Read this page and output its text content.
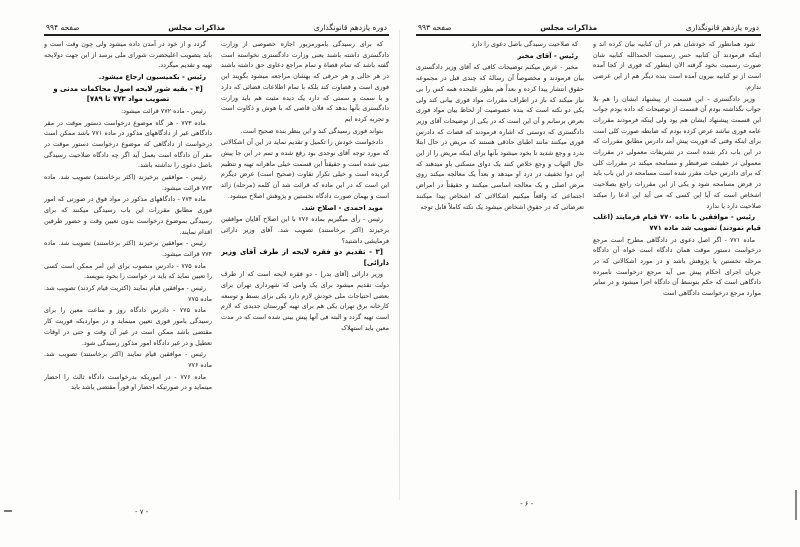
دوره یازدهم قانونگذاری
مذاکرات مجلس
صفحه ۹۹۴

که برای رسیدگی بامورمزبور اجازه خصوصی از وزارت دادگستری داشته باشند یعنی وزارت دادگستری نخواسته است گفته باشد که تمام قضاة و تمام مراجع دعاوی حق داشته باشند در هر حالی و هر حرفی که بهشان مراجعه میشود بگویند این فوری است و قضاوت کند بلکه با تمام اطلاعات قضائی که دارد و با سمت و سمتی که دارد یک دیده مثبت هم باید وزارت دادگستری بآنها بدهد که فلان قاضی که با هوش و ذکاوت است و تجربه کرده ایم

بتواند فوری رسیدگی کند و این بنظر بنده صحیح است.

دادخواست خودش را تکمیل و تقدیم نماید در این آن اشکالاتی که مورد توجه آقای نوحدی بود رفع شده و تمم در این جا پیش بینی شده است و حقیقتاً این قسمت خیلی ماهرانه تهیه و تنظیم گردیده است و خیلی تکرار تقاوت (صحیح است) عرض دیگرم این است که در این ماده که قرائت شد آن کلمه (مرحله) زائد است و بهمان صورت دادگاه نخستین و پژوهش اصلاح میشود.

موید احمدی - اصلاح شد.

رئیس - رأی میگیریم بماده ۷۷۶ با این اصلاح آقایان موافقین برخیزند (اکثر برخاستند) تصویب شد. آقای وزیر دارائی فرمایشی داشتید؟

[۳ - تقدیم دو فقره لایحه از طرف آقای وزیر دارائی]

وزیر دارائی [آقای بدر] - دو فقره لایحه است که از طرف دولت تقدیم میشود برای یک وامی که شهرداری تهران برای بعضی احتیاجات ملی خودش لازم دارد یکی برای بسط و توسعه کارخانه برق تهران یکی هم برای تهیه گورستان جدیدی که لازم است تهیه گردد و البته فی آنها پیش بینی شده است که در مدت معین باید استهلاک

گردد و از خود در آمدن داده میشود ولی چون وقت است و باید بتصویب اعلیحضرت شورای ملی برسد از این جهت دولایحه تهیه و تقدیم میگردد.

رئیس - بکمیسیون ارجاع میشود.

[۴ - بقیه شور لایحه اصول محاکمات مدنی و تصویب مواد ۷۷۳ تا ۷۸۹]

رئیس - ماده ۷۷۲ قرائت میشود:

ماده ۷۷۳ - هر گاه موضوع درخواست دستور موقت در مقر دادگاهی غیر از دادگاههای مذکور در ماده ۷۷۱ باشد ممکن است درخواست از دادگاهی که موضوع درخواست دستور موقت در مقر آن دادگاه است بعمل آید اگر چه دادگاه صلاحیت رسیدگی باصل دعوی را نداشته باشد.

رئیس - موافقین برخیزند (اکثر برخاستند) تصویب شد. ماده ۷۷۳ قرائت میشود.

ماده ۷۷۴ - دادگاههای مذکور در مواد فوق در صورتی که امور فوری مطابق مقررات این باب رسیدگی میکنند که برای رسیدگی بموضوع درخواست بدون تعیین وقت و حضور طرفین اقدام نمایند.

رئیس - موافقین برخیزند (اکثر برخاستند) تصویب شد. ماده ۷۷۴ قرائت میشود.

ماده ۷۷۵ - دادرس منصوب برای این امر ممکن است کسی را تعیین نماید که باید در خواست را بخود بنویسد.

رئیس - موافقین قیام نمایند (اکثریت قیام کردند) تصویب شد. ماده ۷۷۵

ماده ۷۷۵ - دادرس دادگاه روز و ساعت معین را برای رسیدگی بامور فوری تعیین مینماید و در مواردیکه فوریت کار مقتضی باشد ممکن است در غیر آن وقت و حتی در اوقات تعطیل و در غیر دادگاه امور مذکور رسیدگی شود.

رئیس - موافقین قیام نمایند (اکثر برخاستند) تصویب شد. ماده ۷۷۶

ماده ۷۷۶ - در اموریکه بدرخواست دادگاه ثالث را احضار مینماید و در صورتیکه احضار او فوراً مقتضی باشد باید

دوره یازدهم قانونگذاری
مذاکرات مجلس
صفحه ۹۹۳

شود همانطور که خودشان هم در آن کنابیه بیان کرده اند و اینکه فرمودند آن کنابیه حس رسمیت الحمدالله کنابیه شان صورت رسمیت بخود گرفته الان اینطور که فوری از کجا آمده است از تو کنابیه بیرون آمده است بنده دیگر هم از این عرضی ندارم.

وزیر دادگستری - این قسمت از پیشنهاد ایشان را هم بلا جواب نگذاشته بودم آن قسمت از توضیحات که داده بودم جواب این قسمت پیشنهاد ایشان هم بود ولی اینکه فرمودند مقررات عامه فوری نباشد عرض کرده بودم که ضابطه صورت کلی است برای اینکه وقتی که فوریت پیش آمد دادرس مطابق مقررات که در این باب ذکر شده است در تشریفات معمولی در مقررات معمولی در حقیقت صرفنظر و مسامحه میکند در مقررات کلی که برای دادرس حیات مقرر شده است مسامحه در این باب باید در فرض مسامحه شود و یکی از این مقررات راجع بصلاحیت اشخاص است که آیا این کسی که می آید این ادعا را میکند صلاحیت دارد یا ندارد

رئیس - موافقین با ماده ۷۷۰ قیام فرمایند (اغلب قیام نمودند) تصویب شد ماده ۷۷۱

ماده ۷۷۱ - اگر اصل دعوی در دادگاهی مطرح است مرجع درخواست دستور موقت همان دادگاه است خواه آن دادگاه مرحله نخستین یا پژوهش باشد و در مورد اشکالاتی که در جریان اجرای احکام پیش می آید مرجع درخواست نامبرده دادگاهی است که حکم بتوسط آن دادگاه اجرا میشود و در سایر موارد مرجع درخواست دادگاهی است

که صلاحیت رسیدگی باصل دعوی را دارد

رئیس - آقای مخبر

مخبر - عرض میکنم توضیحات کافی که آقای وزیر دادگستری بیان فرمودند و مخصوصاً آن رسالهٔ که چندی قبل در مجموعه حقوق انتشار پیدا کرده و بعداً هم بطور علیحده همه کس را بی نیاز میکند که باز در اطراف مقررات مواد فوری بیانی کند ولی یکی دو نکته است که بنده خصوصیت از لحاظ بیان مواد فوری بعرض برسانم و آن این است که در یکی از توضیحات آقای وزیر دادگستری که دوستی که اشاره فرمودند که قضات که دادرس فوری میکنند مانند اطبای حاذقی هستند که مریض در حال ابتلا بدرد و وجع شدید نا بخود میشود بآنها برای اینکه مریض را از این حال التهاب و وجع خلاص کنند یک دوای مسکنی باو میدهند که این دوا تخفیف در درد او میدهد و بعداً یک معالجه میکند روی مرض اصلی و یک معالجه اساسی میکنند و حقیقتاً در امراض اجتماعی که واقعاً میکنیم اشکالاتی که اشخاص پیدا میکنند تعرضاتی که در حقوق اشخاص میشود یک نکته کاملاً قابل توجه

- ۷ -
- ۶ -
